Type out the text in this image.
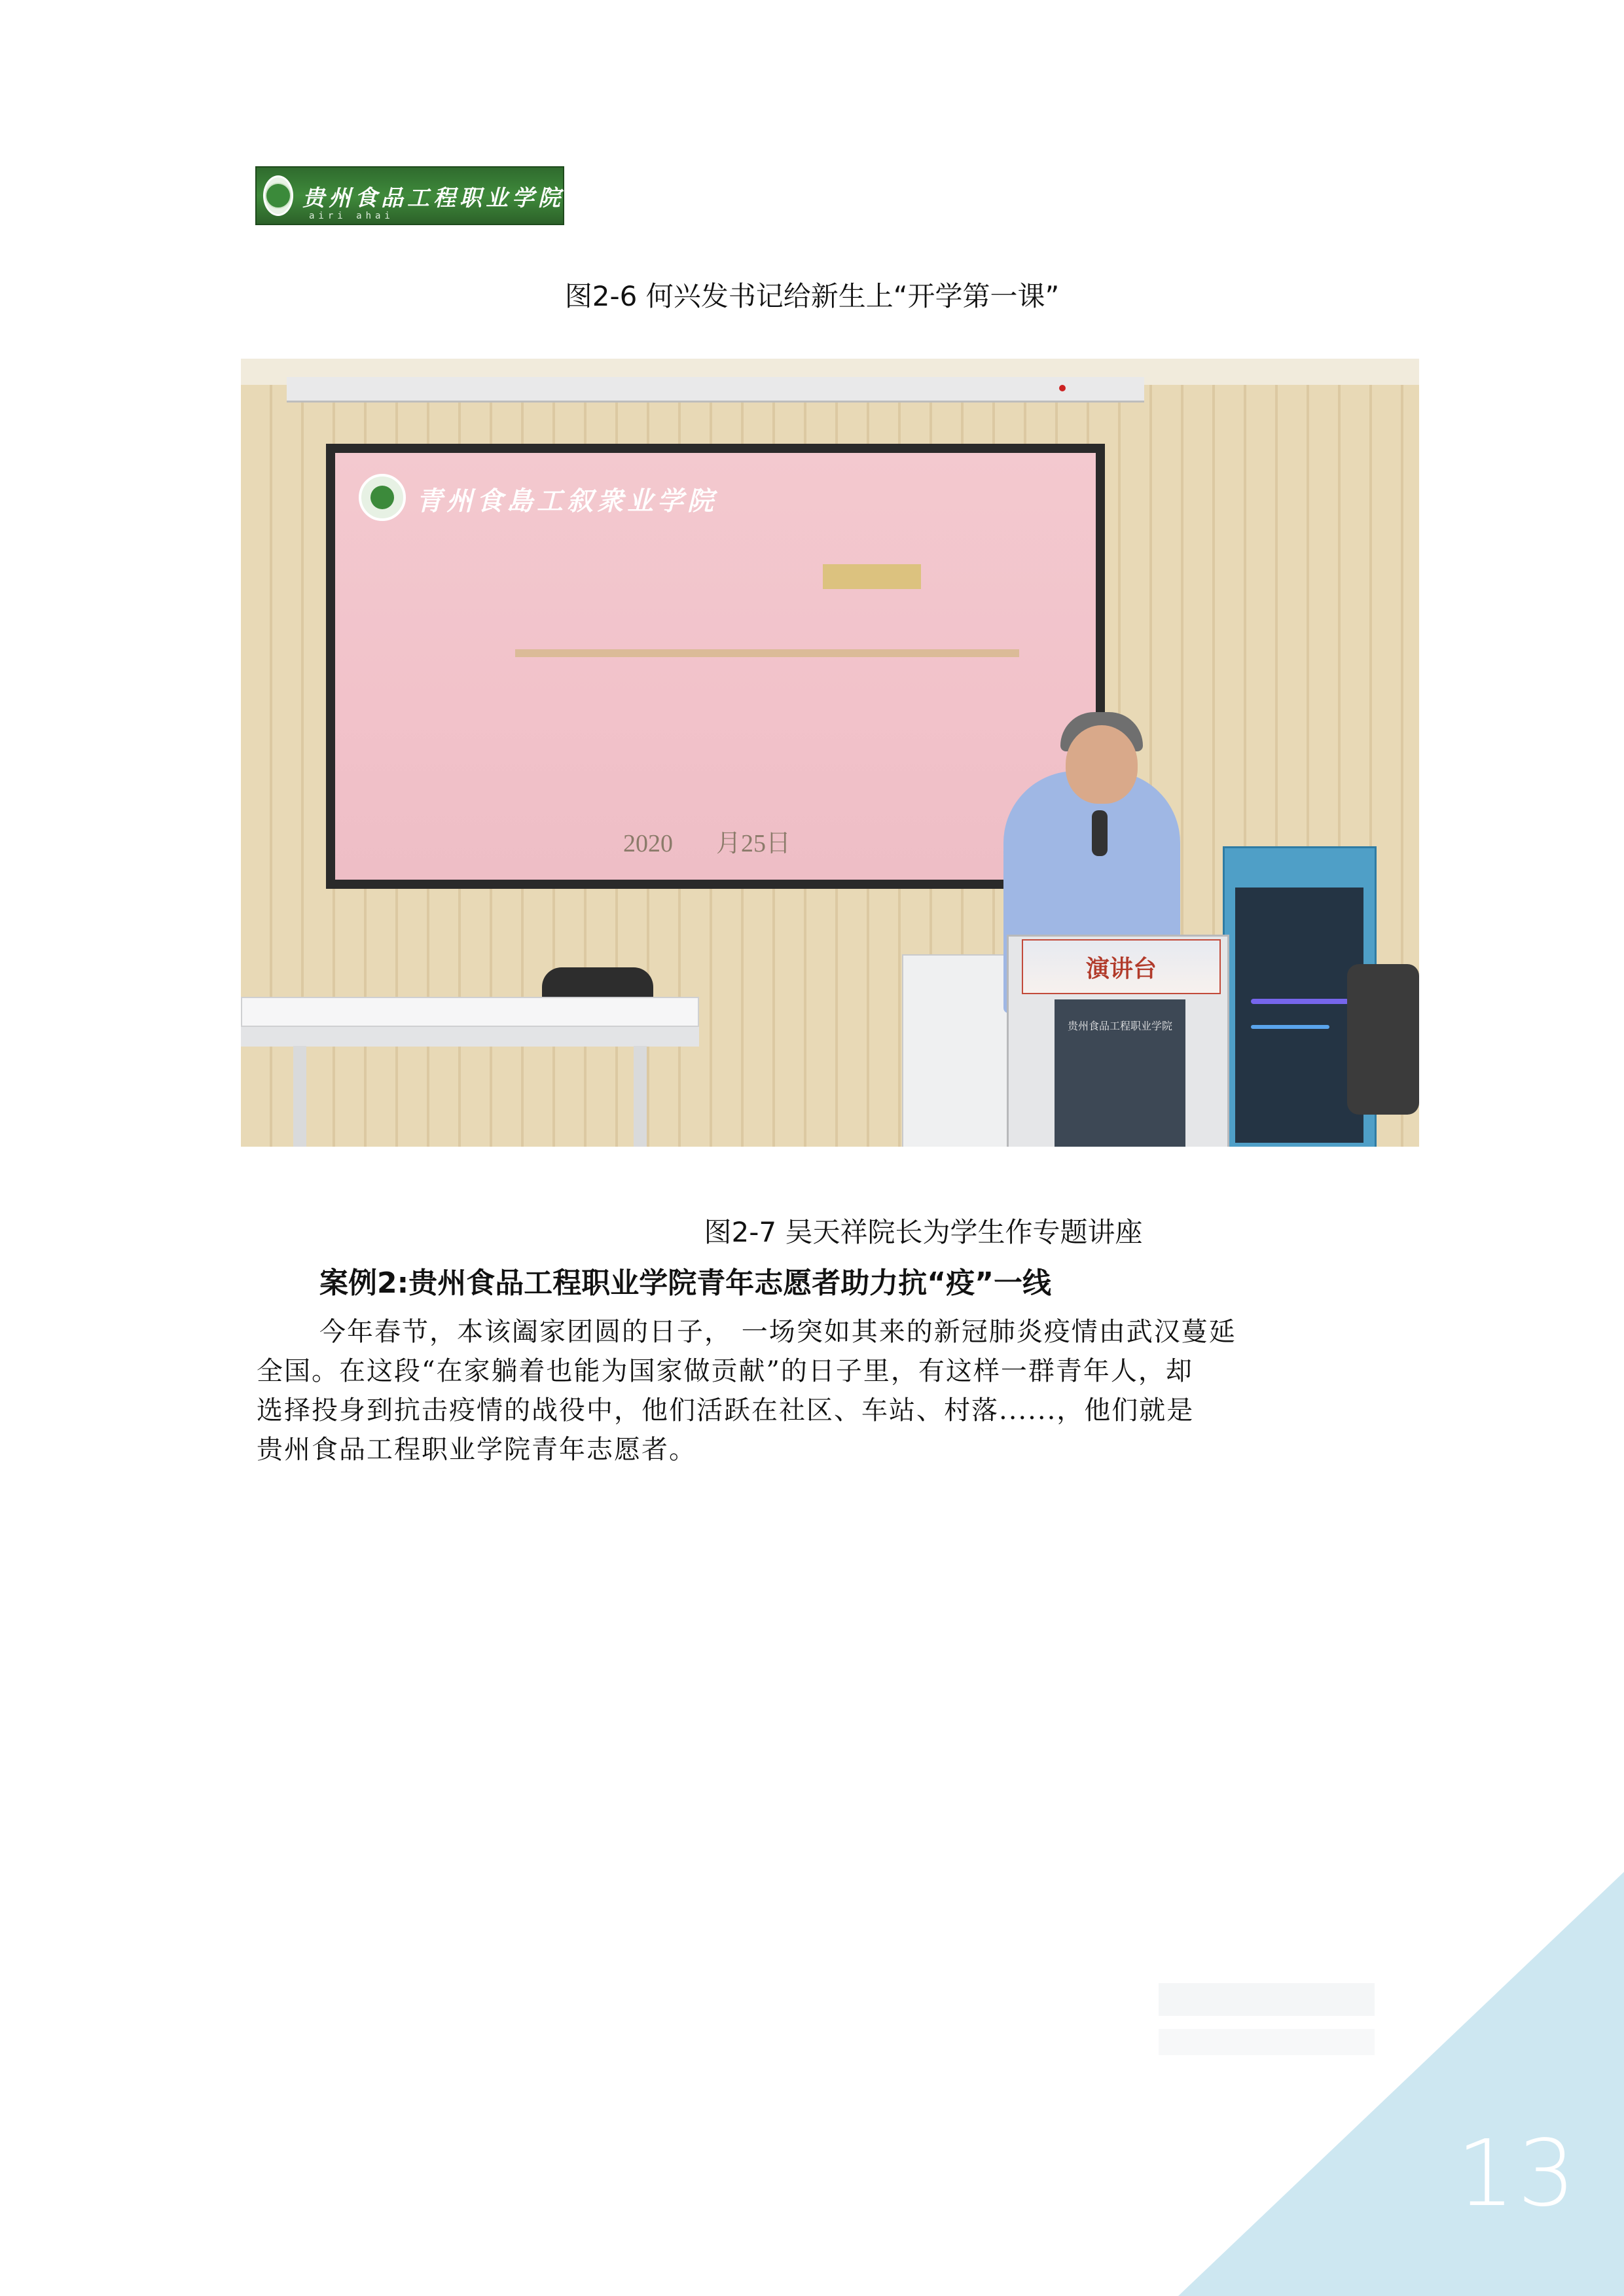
贵州食品工程职业学院
airi ahai
图2-6 何兴发书记给新生上“开学第一课”
青州食島工叙衆业学院
2020 月25日
演讲台
贵州食品工程职业学院
图2-7 吴天祥院长为学生作专题讲座
案例2:贵州食品工程职业学院青年志愿者助力抗“疫”一线
今年春节，本该阖家团圆的日子， 一场突如其来的新冠肺炎疫情由武汉蔓延
全国。在这段“在家躺着也能为国家做贡献”的日子里，有这样一群青年人，却
选择投身到抗击疫情的战役中，他们活跃在社区、车站、村落......，他们就是
贵州食品工程职业学院青年志愿者。
13
